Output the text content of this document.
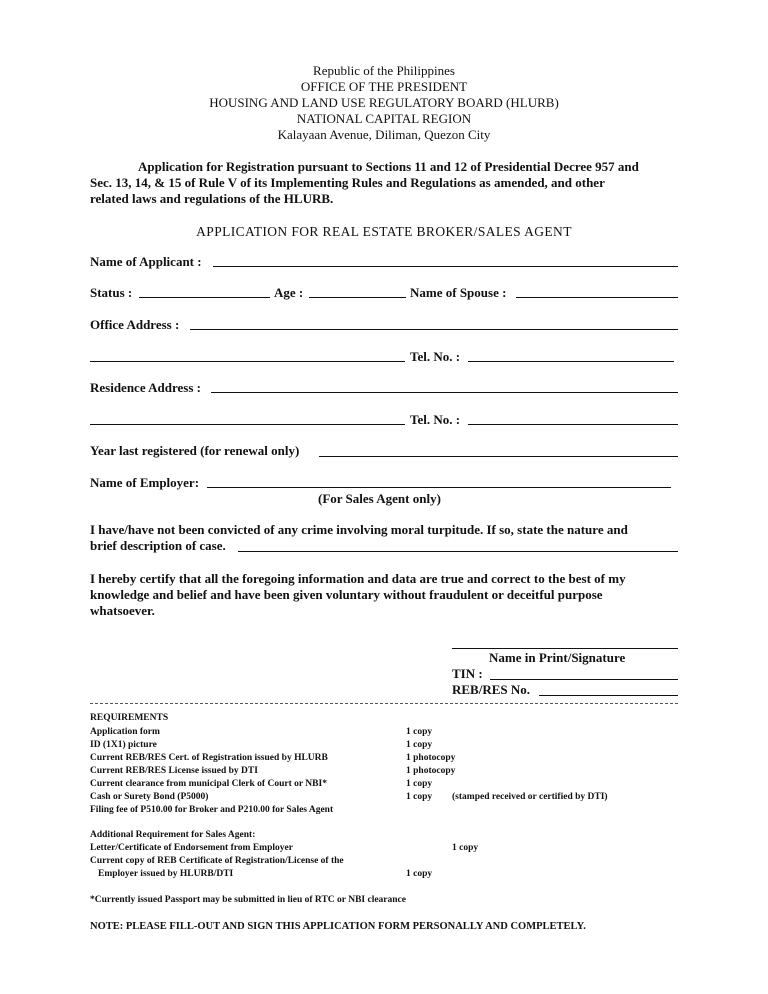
Republic of the Philippines
OFFICE OF THE PRESIDENT
HOUSING AND LAND USE REGULATORY BOARD (HLURB)
NATIONAL CAPITAL REGION
Kalayaan Avenue, Diliman, Quezon City
Application for Registration pursuant to Sections 11 and 12 of Presidential Decree 957 and
Sec. 13, 14, & 15 of Rule V of its Implementing Rules and Regulations as amended, and other
related laws and regulations of the HLURB.
APPLICATION FOR REAL ESTATE BROKER/SALES AGENT
Name of Applicant :
Status :	Age :	Name of Spouse :
Office Address :
Tel. No. :
Residence Address :
Tel. No. :
Year last registered (for renewal only)
Name of Employer:
(For Sales Agent only)
I have/have not been convicted of any crime involving moral turpitude. If so, state the nature and
brief description of case.
I hereby certify that all the foregoing information and data are true and correct to the best of my
knowledge and belief and have been given voluntary without fraudulent or deceitful purpose
whatsoever.
Name in Print/Signature
TIN :
REB/RES No.
REQUIREMENTS
Application form	1 copy
ID (1X1) picture	1 copy
Current REB/RES Cert. of Registration issued by HLURB	1 photocopy
Current REB/RES License issued by DTI	1 photocopy
Current clearance from municipal Clerk of Court or NBI*	1 copy
Cash or Surety Bond (P5000)	1 copy (stamped received or certified by DTI)
Filing fee of P510.00 for Broker and P210.00 for Sales Agent
Additional Requirement for Sales Agent:
Letter/Certificate of Endorsement from Employer	1 copy
Current copy of REB Certificate of Registration/License of the
Employer issued by HLURB/DTI	1 copy
*Currently issued Passport may be submitted in lieu of RTC or NBI clearance
NOTE: PLEASE FILL-OUT AND SIGN THIS APPLICATION FORM PERSONALLY AND COMPLETELY.
